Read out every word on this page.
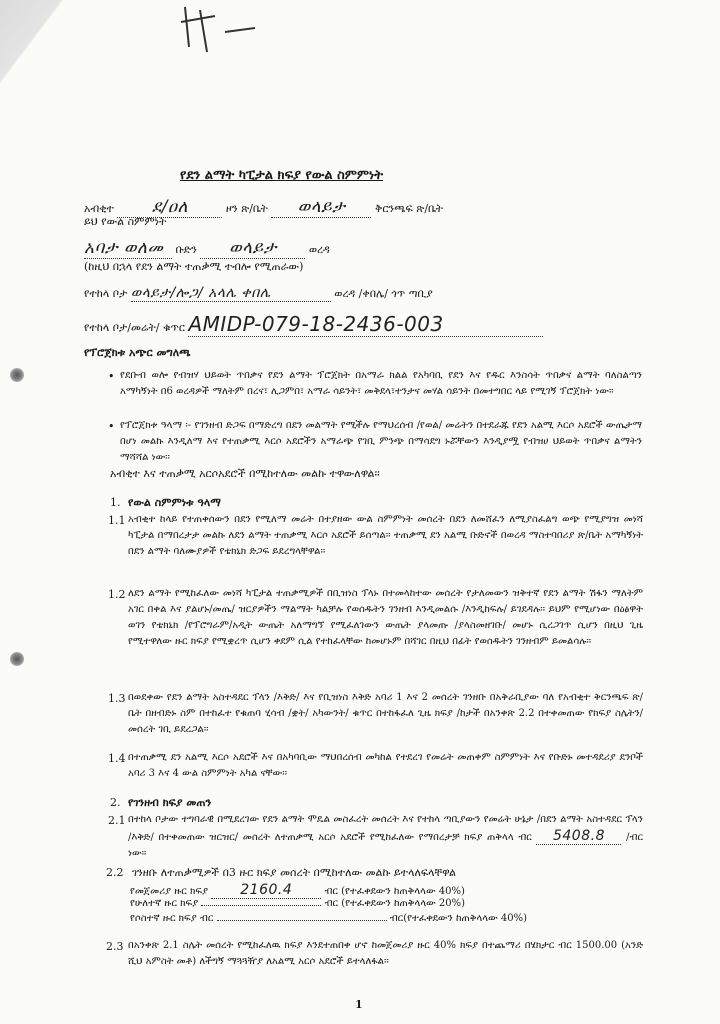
የደን ልማት ካፒታል ክፍያ የውል ስምምነት
አብቂተ ደ/ዐለ	ዞን ጽ/ቤት ወላይታ	ቅርንጫፍ ጽ/ቤት
ይህ የውል ስምምነት
አባታ ወለመ ቡድን ወላይታ	ወረዳ
(ከዚህ በኋላ የደን ልማት ተጠቃሚ ተብሎ የሚጠራው)
የተከላ ቦታ ወላይታ/ሎጋ/ አላሌ ቀበሌ	ወረዳ /ቀበሌ/ ጎጥ ጣቢያ
የተከላ ቦታ/መሬት/ ቁጥር AMIDP-079-18-2436-003
የፕሮጀክቱ አጭር መግለጫ
• የደቡብ ወሎ የብዝሃ ህይወት ጥበቃና የደን ልማት ፕሮጀክት በአማራ ክልል የአካባቢ የደን እና የዱር እንስሳት ጥበቃና ልማት ባለስልጣን አማካኝነት በ6 ወረዳዎች ማለትም በረና፣ ሊጋምበ፣ አማራ ሳይንት፣ መቅደላ፣ተንታና መሃል ሳይንት በመተግበር ላይ የሚገኝ ፕሮጀክት ነው፡፡
• የፕሮጀክቱ ዓላማ ፡- የገንዘብ ድጋፍ በማድረግ በደን መልማት የሚችሉ የማህረሰብ /የወል/ መሬትን በተደራጁ የደን አልሚ እርሶ አደሮች ውጤታማ በሆነ መልኩ እንዲለማ እና የተጠቃሚ እርሶ አደሮችን አማራጭ የገቢ ምንጭ በማሳደግ ኑሯቸውን እንዲያሟ የብዝሀ ህይወት ጥበቃና ልማትን ማሻሻል ነው፡፡
አብቂተ እና ተጠቃሚ አርሶአደሮች በሚከተለው መልኩ ተዋውለዋል፡፡
1. የውል ስምምነቱ ዓላማ
1.1 አብቂተ ከላይ የተጠቀሰውን በደን የሚለማ መሬት በተያዘው ውል ስምምነት መሰረት በደን ለመሸፈን ለሚያስፈልግ ወጭ የሚያግዝ መነሻ ካፒታል በማበረታታ መልኩ ለደን ልማት ተጠቃሚ እርሶ አደሮች ይሰጣል፡፡ ተጠቃሚ ደን አልሚ ቡድኖች በወረዳ ማስተባበሪያ ጽ/ቤት አማካኝነት በደን ልማት ባለሙያዎች የቴክኒክ ድጋፍ ይደረግላቸዋል፡፡
1.2 ለደን ልማት የሚከፈለው መነሻ ካፒታል ተጠቃሚዎች በቢዝነስ ፕላኑ በተመላከተው መሰረት የታለመውን ዝቅተኛ የደን ልማት ሽፋን ማለትም አገር በቀል እና ያልሆኑ/መጤ/ ዝርያዎችን ማልማት ካልቻሉ የወሰዱትን ገንዘብ እንዲመልሱ /እንዲከፍሉ/ ይገደዳሉ፡፡ ይህም የሚሆነው በዕፅዋት ወገን የቴክኒክ /የፕሮግራም/አዲት ውጤት አለማግኘ የሚፈለገውን ውጤት ያላመጡ /ያላስመዘገቡ/ መሆኑ ሲረጋገጥ ሲሆን በዚህ ጊዜ የሚተዋለው ዙር ክፍያ የሚቋረጥ ሲሆን ቀደም ሲል የተከፈላቸው ከመሆኑም በሻገር በዚህ በፊት የወሰዱትን ገንዘብም ይመልሳሉ፡፡
1.3 በወደቀው የደን ልማት አስተዳደር ፕላን /እቅድ/ እና የቢዝነስ እቅድ አባሪ 1 እና 2 መሰረት ገንዘቡ በአቅራቢያው ባለ የአብቂተ ቅርንጫፍ ጽ/ቤት በዘብድኑ ስም በተከፈተ የቁጠባ ሂሳብ /ቋት/ አካውንት/ ቁጥር በተከፋፈለ ጊዜ ክፍያ /ከታች በአንቀጽ 2.2 በተቀመጠው የክፍያ ስሌትን/ መሰረት ገቢ ይደረጋል፡፡
1.4 በተጠቃሚ ደን አልሚ እርሶ አደሮች እና በአካባቢው ማህበረሰብ መካከል የተደረገ የመሬት መጠቀም ስምምነት እና የቡድኑ መተዳደሪያ ደንቦች አባሪ 3 እና 4 ውል ስምምነት አካል ናቸው፡፡
2. የገንዘብ ክፍያ መጠን
2.1 በተከላ ቦታው ተግባራዊ በሚደረገው የደን ልማት ሞዴል መስፈረት መሰረት እና የተከላ ጣቢያውን የመሬት ሁኔታ /በደን ልማት አስተዳደር ፕላን /እቅድ/ በተቀመጠው ዝርዝር/ መሰረት ለተጠቃሚ አርሶ አደሮች የሚከፈለው የማበረታቻ ክፍያ ጠቅላላ ብር 5408.8 /ብር ነው፡፡
2.2 ገንዘቡ ለተጠቃሚዎች በ3 ዙር ክፍያ መሰረት በሚከተለው መልኩ ይተላለፍላቸዋል
የመጀመሪያ ዙር ክፍያ 2160.4	ብር (የተፈቀደውን ከጠቅላላው 40%)
የሁለተኛ ዙር ክፍያ	ብር (የተፈቀደውን ከጠቅላላው 20%)
የሶስተኛ ዙር ክፍያ ብር	ብር(የተፈቀደውን ከጠቅላላው 40%)
2.3 በአንቀጽ 2.1 ስሌት መሰረት የሚከፈለዉ ክፍያ እንደተጠበቀ ሆኖ ከመጀመሪያ ዙር 40% ክፍያ በተጨማሪ በሄክታር ብር 1500.00 (አንድ ሺህ አምስት መቶ) ለችግኝ ማጓጓዥያ ለአልሚ አርሶ አደሮች ይተላለፋል፡፡
1
